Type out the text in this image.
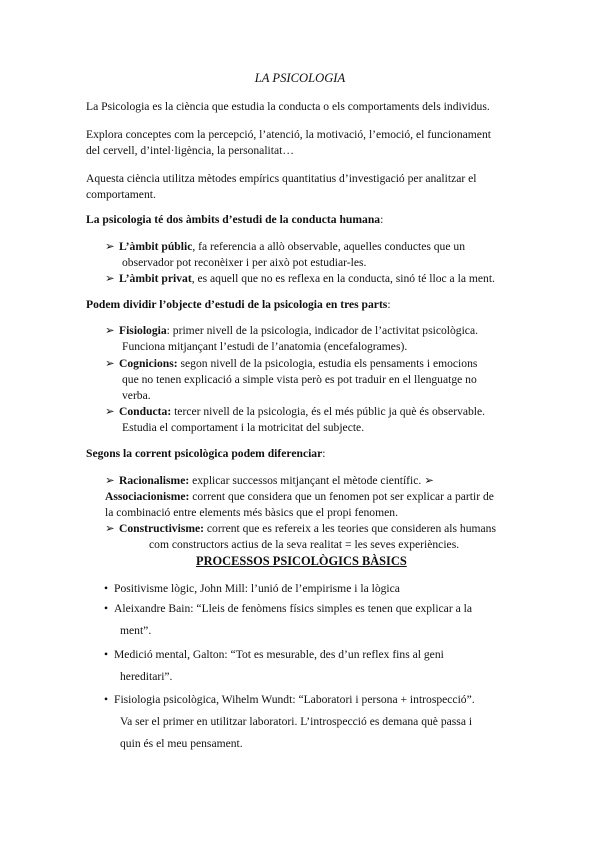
LA PSICOLOGIA

La Psicologia es la ciència que estudia la conducta o els comportaments dels individus.

Explora conceptes com la percepció, l’atenció, la motivació, l’emoció, el funcionament

del cervell, d’intel·ligència, la personalitat…

Aquesta ciència utilitza mètodes empírics quantitatius d’investigació per analitzar el

comportament.

La psicologia té dos àmbits d’estudi de la conducta humana:

➢ L’àmbit públic, fa referencia a allò observable, aquelles conductes que un

observador pot reconèixer i per això pot estudiar-les.

➢ L’àmbit privat, es aquell que no es reflexa en la conducta, sinó té lloc a la ment.

Podem dividir l’objecte d’estudi de la psicologia en tres parts:

➢ Fisiologia: primer nivell de la psicologia, indicador de l’activitat psicològica.

Funciona mitjançant l’estudi de l’anatomia (encefalogrames).

➢ Cognicions: segon nivell de la psicologia, estudia els pensaments i emocions

que no tenen explicació a simple vista però es pot traduir en el llenguatge no

verba.

➢ Conducta: tercer nivell de la psicologia, és el més públic ja què és observable.

Estudia el comportament i la motricitat del subjecte.

Segons la corrent psicològica podem diferenciar:

➢ Racionalisme: explicar successos mitjançant el mètode científic. ➢

Associacionisme: corrent que considera que un fenomen pot ser explicar a partir de

la combinació entre elements més bàsics que el propi fenomen.

➢ Constructivisme: corrent que es refereix a les teories que consideren als humans

com constructors actius de la seva realitat = les seves experiències.

PROCESSOS PSICOLÒGICS BÀSICS

• Positivisme lògic, John Mill: l’unió de l’empirisme i la lògica

• Aleixandre Bain: “Lleis de fenòmens físics simples es tenen que explicar a la

ment”.

• Medició mental, Galton: “Tot es mesurable, des d’un reflex fins al geni

hereditari”.

• Fisiologia psicològica, Wihelm Wundt: “Laboratori i persona + introspecció”.

Va ser el primer en utilitzar laboratori. L’introspecció es demana què passa i

quin és el meu pensament.
